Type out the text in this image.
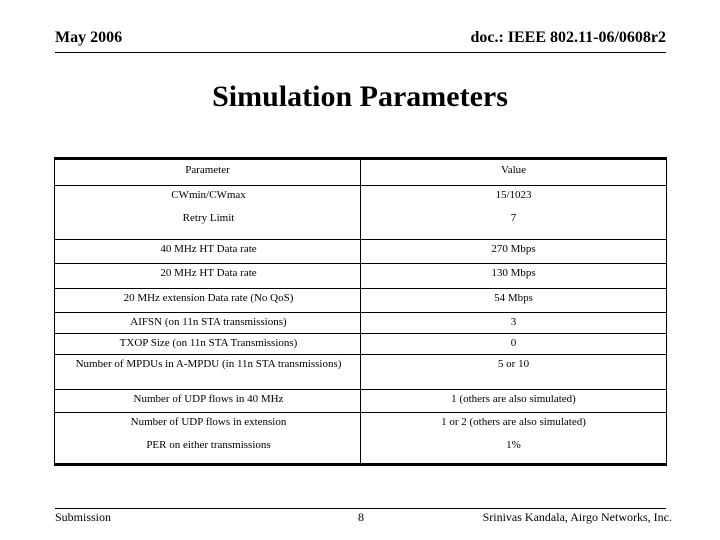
May 2006	doc.: IEEE 802.11-06/0608r2
Simulation Parameters
Parameter	Value
CWmin/CWmax	15/1023
Retry Limit	7
40 MHz HT Data rate	270 Mbps
20 MHz HT Data rate	130 Mbps
20 MHz extension Data rate (No QoS)	54 Mbps
AIFSN (on 11n STA transmissions)	3
TXOP Size (on 11n STA Transmissions)	0
Number of MPDUs in A-MPDU (in 11n STA transmissions)	5 or 10
Number of UDP flows in 40 MHz	1 (others are also simulated)
Number of UDP flows in extension	1 or 2 (others are also simulated)
PER on either transmissions	1%
Submission	8	Srinivas Kandala, Airgo Networks, Inc.
